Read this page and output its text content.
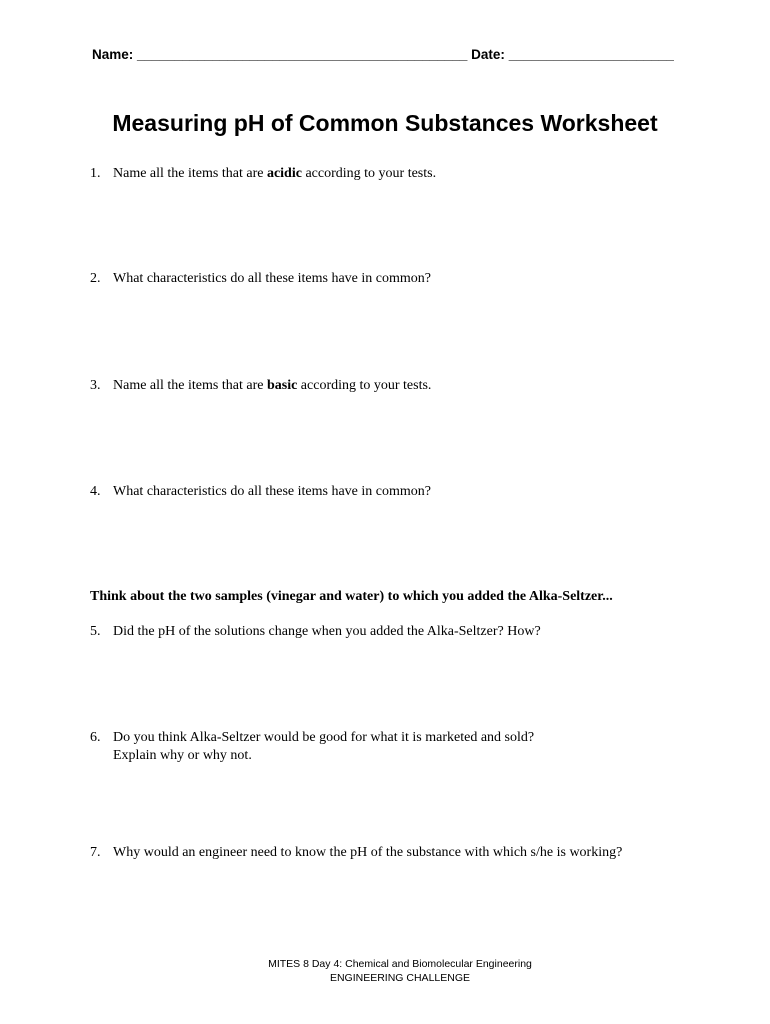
Name: ____________________________________________ Date: ______________________
Measuring pH of Common Substances Worksheet
1. Name all the items that are acidic according to your tests.
2. What characteristics do all these items have in common?
3. Name all the items that are basic according to your tests.
4. What characteristics do all these items have in common?
Think about the two samples (vinegar and water) to which you added the Alka-Seltzer...
5. Did the pH of the solutions change when you added the Alka-Seltzer? How?
6. Do you think Alka-Seltzer would be good for what it is marketed and sold?
Explain why or why not.
7. Why would an engineer need to know the pH of the substance with which s/he is working?
MITES 8 Day 4: Chemical and Biomolecular Engineering
ENGINEERING CHALLENGE
